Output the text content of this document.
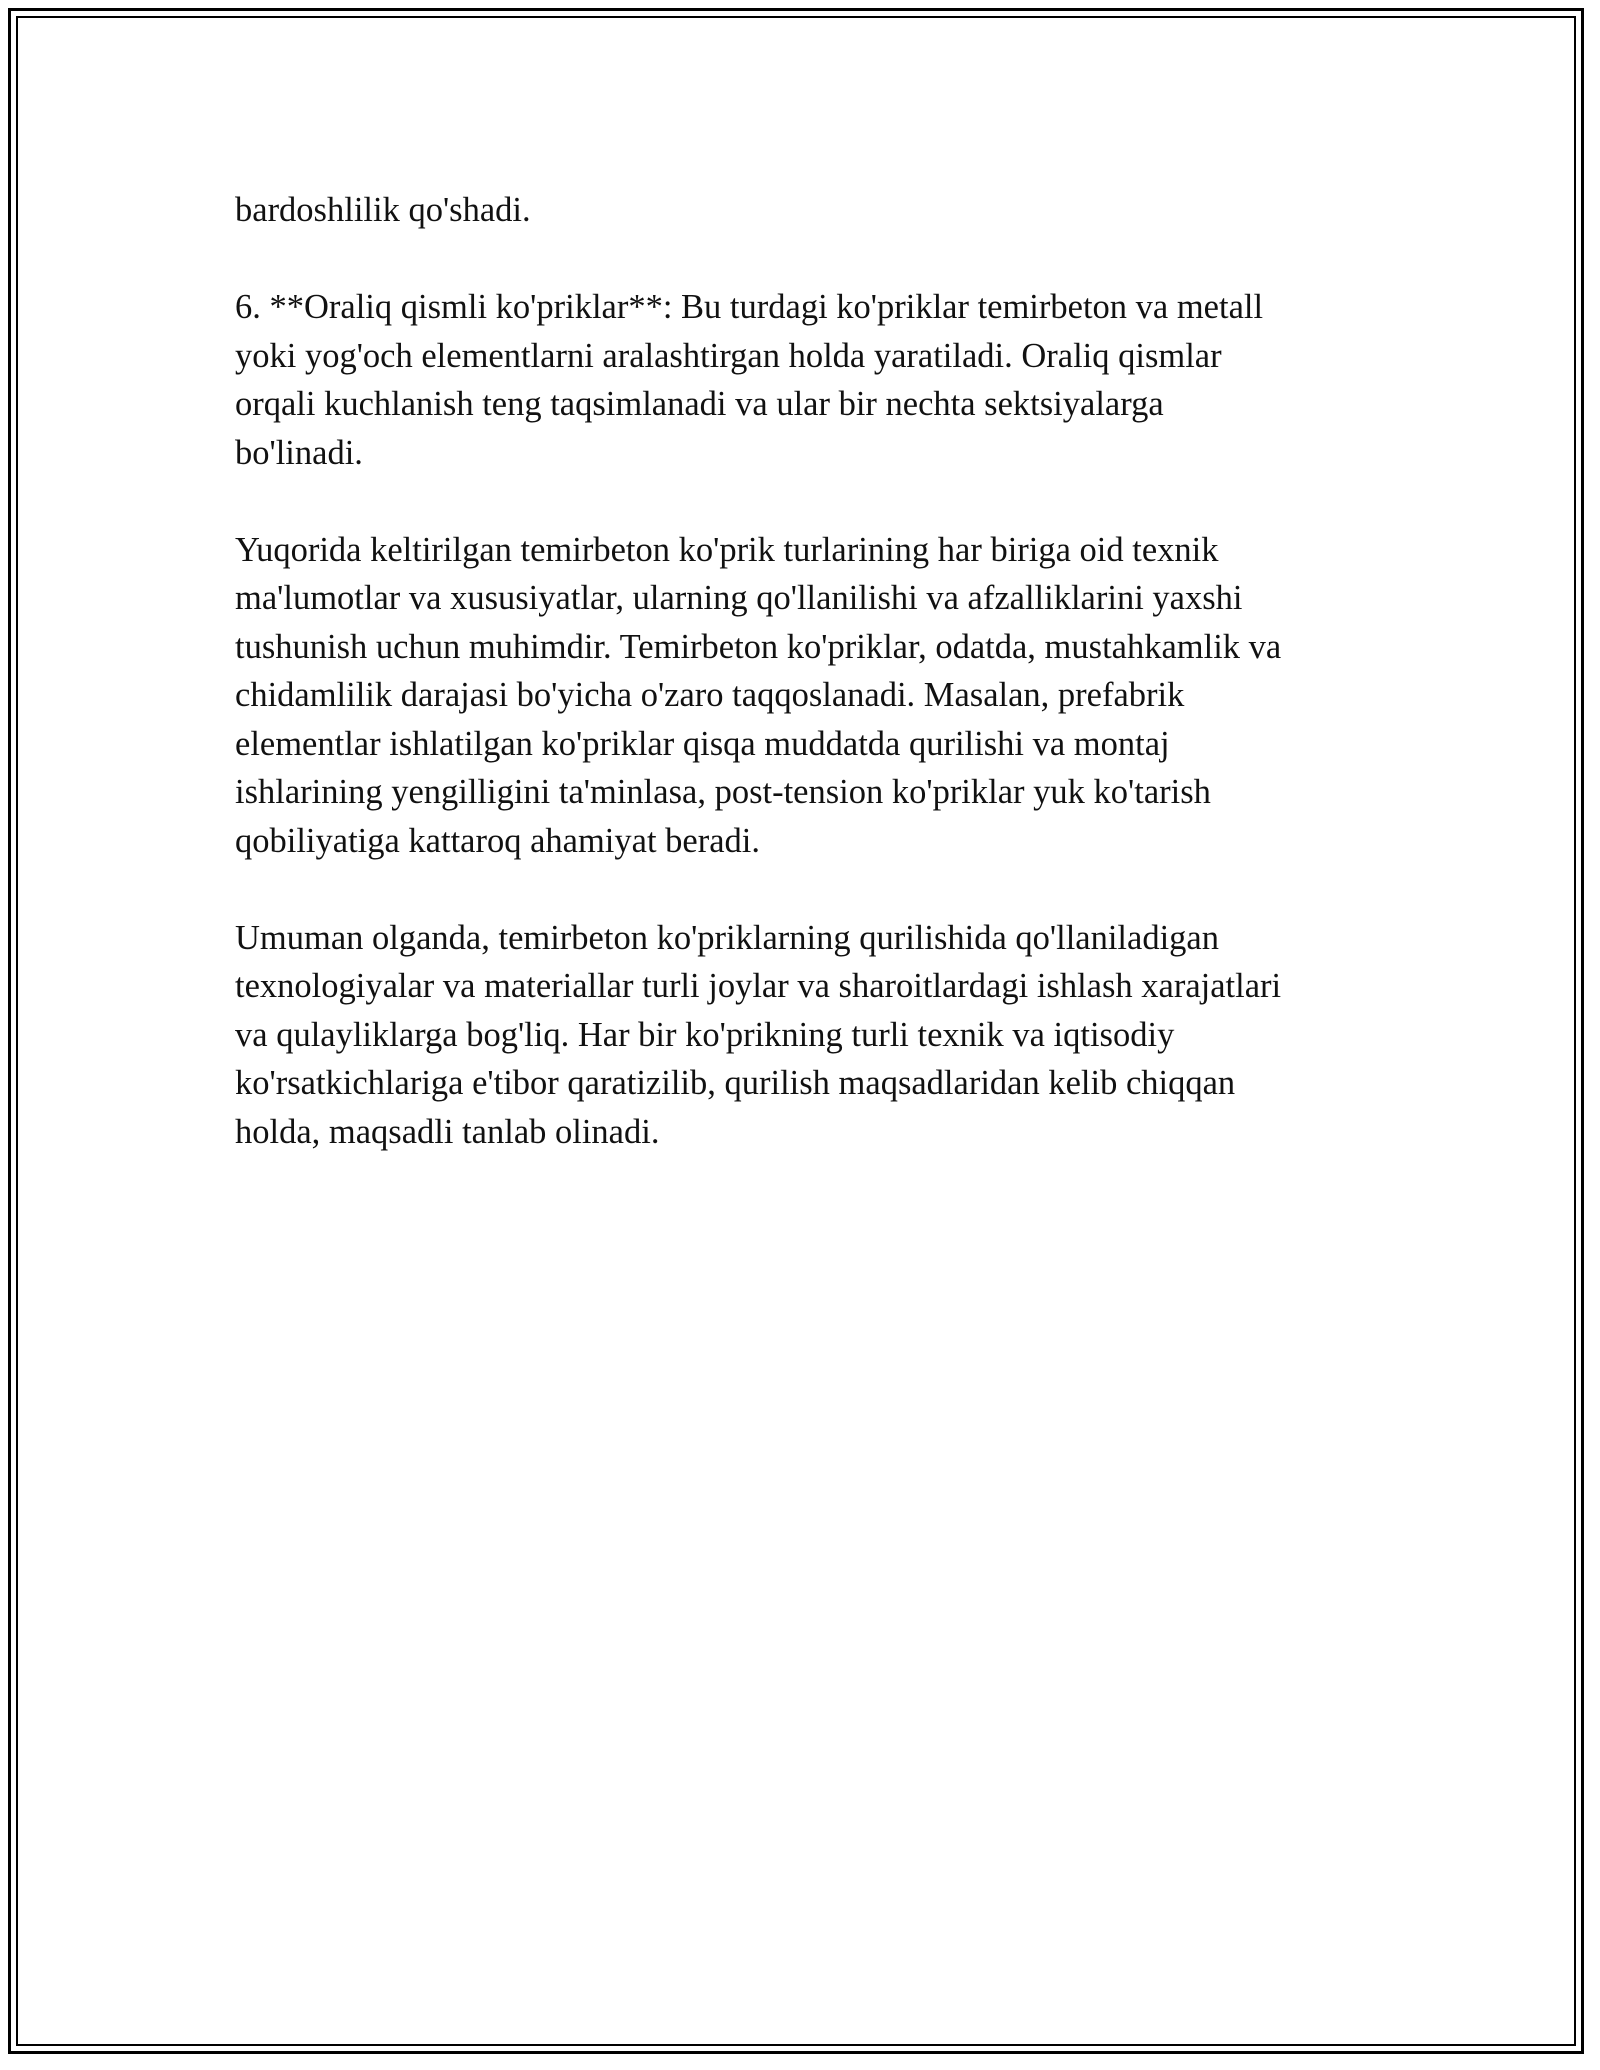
bardoshlilik qo'shadi.

6. **Oraliq qismli ko'priklar**: Bu turdagi ko'priklar temirbeton va metall
yoki yog'och elementlarni aralashtirgan holda yaratiladi. Oraliq qismlar
orqali kuchlanish teng taqsimlanadi va ular bir nechta sektsiyalarga
bo'linadi.

Yuqorida keltirilgan temirbeton ko'prik turlarining har biriga oid texnik
ma'lumotlar va xususiyatlar, ularning qo'llanilishi va afzalliklarini yaxshi
tushunish uchun muhimdir. Temirbeton ko'priklar, odatda, mustahkamlik va
chidamlilik darajasi bo'yicha o'zaro taqqoslanadi. Masalan, prefabrik
elementlar ishlatilgan ko'priklar qisqa muddatda qurilishi va montaj
ishlarining yengilligini ta'minlasa, post-tension ko'priklar yuk ko'tarish
qobiliyatiga kattaroq ahamiyat beradi.

Umuman olganda, temirbeton ko'priklarning qurilishida qo'llaniladigan
texnologiyalar va materiallar turli joylar va sharoitlardagi ishlash xarajatlari
va qulayliklarga bog'liq. Har bir ko'prikning turli texnik va iqtisodiy
ko'rsatkichlariga e'tibor qaratizilib, qurilish maqsadlaridan kelib chiqqan
holda, maqsadli tanlab olinadi.
